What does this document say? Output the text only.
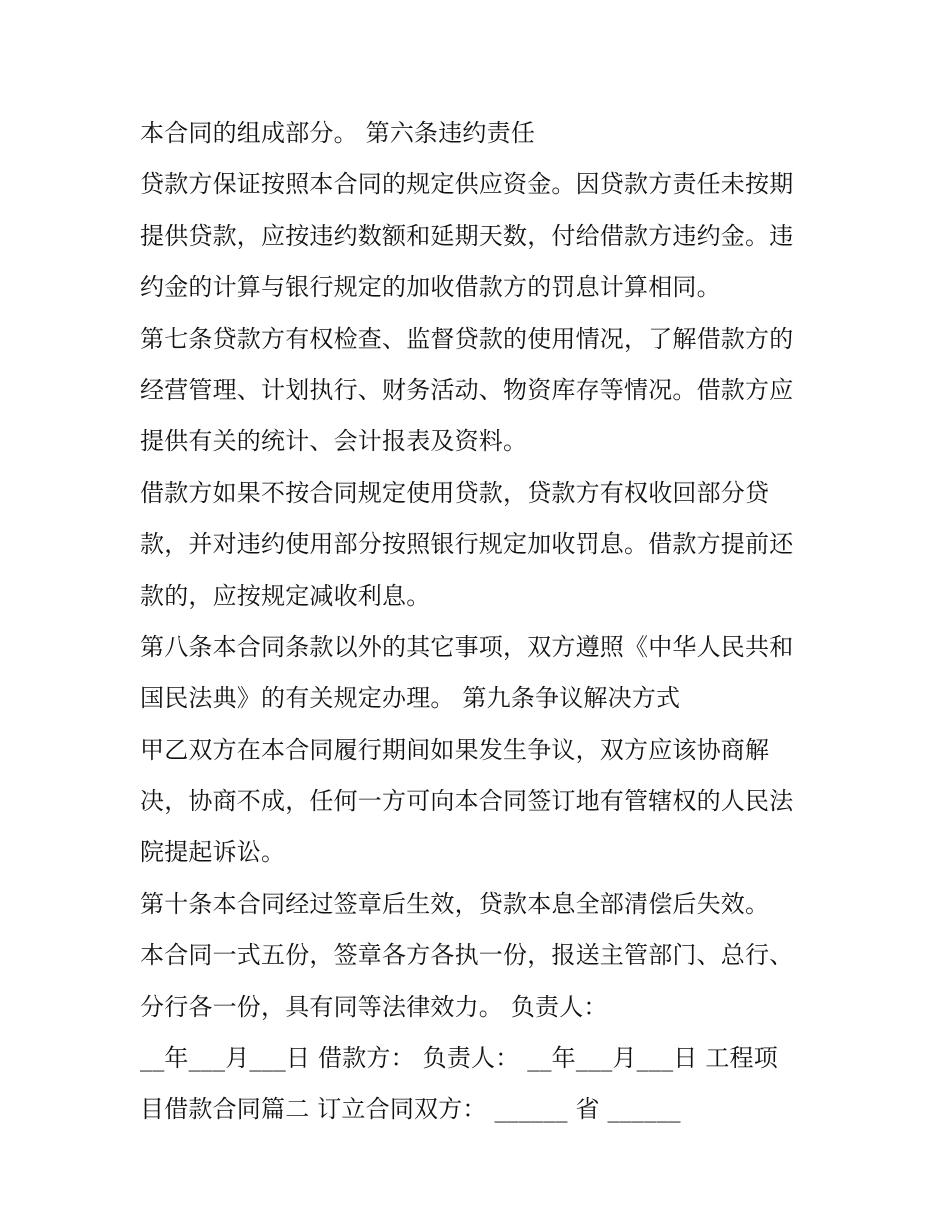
本合同的组成部分。 第六条违约责任
贷款方保证按照本合同的规定供应资金。因贷款方责任未按期
提供贷款，应按违约数额和延期天数，付给借款方违约金。违
约金的计算与银行规定的加收借款方的罚息计算相同。
第七条贷款方有权检查、监督贷款的使用情况，了解借款方的
经营管理、计划执行、财务活动、物资库存等情况。借款方应
提供有关的统计、会计报表及资料。
借款方如果不按合同规定使用贷款，贷款方有权收回部分贷
款，并对违约使用部分按照银行规定加收罚息。借款方提前还
款的，应按规定减收利息。
第八条本合同条款以外的其它事项，双方遵照《中华人民共和
国民法典》的有关规定办理。 第九条争议解决方式
甲乙双方在本合同履行期间如果发生争议，双方应该协商解
决，协商不成，任何一方可向本合同签订地有管辖权的人民法
院提起诉讼。
第十条本合同经过签章后生效，贷款本息全部清偿后失效。
本合同一式五份，签章各方各执一份，报送主管部门、总行、
分行各一份，具有同等法律效力。 负责人：
__年___月___日 借款方： 负责人： __年___月___日 工程项
目借款合同篇二 订立合同双方： ______ 省 ______
